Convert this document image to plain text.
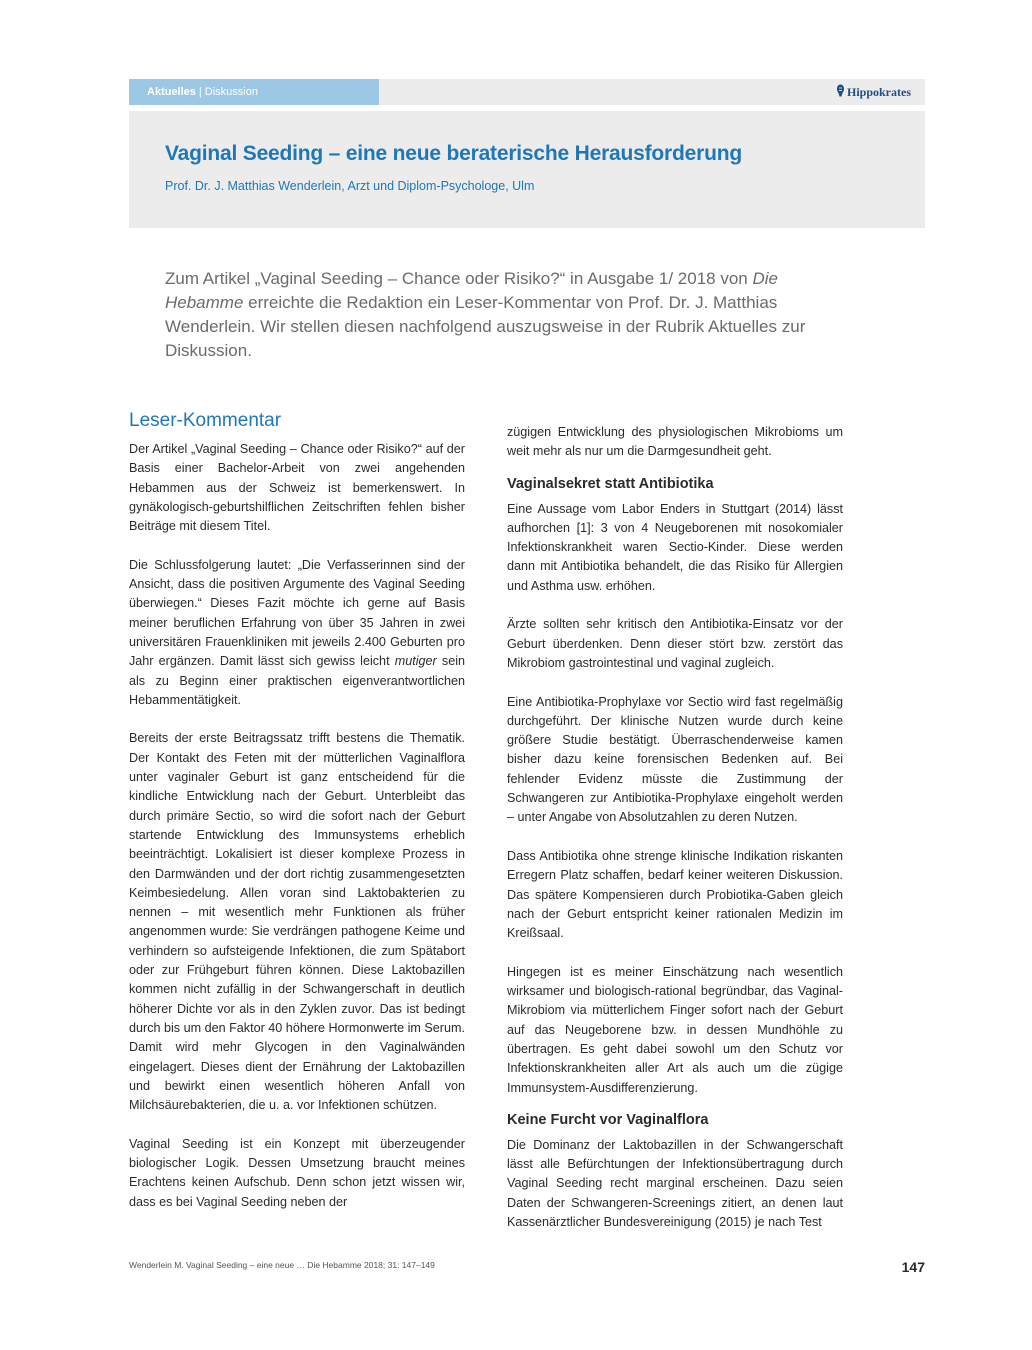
Aktuelles | Diskussion	Hippokrates
Vaginal Seeding – eine neue beraterische Herausforderung

Prof. Dr. J. Matthias Wenderlein, Arzt und Diplom-Psychologe, Ulm

Zum Artikel „Vaginal Seeding – Chance oder Risiko?“ in Ausgabe 1/ 2018 von Die Hebamme erreichte die Redaktion ein Leser-Kommentar von Prof. Dr. J. Matthias Wenderlein. Wir stellen diesen nachfolgend auszugsweise in der Rubrik Aktuelles zur Diskussion.

Leser-Kommentar

Der Artikel „Vaginal Seeding – Chance oder Risiko?“ auf der Basis einer Bachelor-Arbeit von zwei angehenden Hebammen aus der Schweiz ist bemerkenswert. In gynäkologisch-geburtshilflichen Zeitschriften fehlen bisher Beiträge mit diesem Titel.

Die Schlussfolgerung lautet: „Die Verfasserinnen sind der Ansicht, dass die positiven Argumente des Vaginal Seeding überwiegen.“ Dieses Fazit möchte ich gerne auf Basis meiner beruflichen Erfahrung von über 35 Jahren in zwei universitären Frauenkliniken mit jeweils 2.400 Geburten pro Jahr ergänzen. Damit lässt sich gewiss leicht mutiger sein als zu Beginn einer praktischen eigenverantwortlichen Hebammentätigkeit.

Bereits der erste Beitragssatz trifft bestens die Thematik. Der Kontakt des Feten mit der mütterlichen Vaginalflora unter vaginaler Geburt ist ganz entscheidend für die kindliche Entwicklung nach der Geburt. Unterbleibt das durch primäre Sectio, so wird die sofort nach der Geburt startende Entwicklung des Immunsystems erheblich beeinträchtigt. Lokalisiert ist dieser komplexe Prozess in den Darmwänden und der dort richtig zusammengesetzten Keimbesiedelung. Allen voran sind Laktobakterien zu nennen – mit wesentlich mehr Funktionen als früher angenommen wurde: Sie verdrängen pathogene Keime und verhindern so aufsteigende Infektionen, die zum Spätabort oder zur Frühgeburt führen können. Diese Laktobazillen kommen nicht zufällig in der Schwangerschaft in deutlich höherer Dichte vor als in den Zyklen zuvor. Das ist bedingt durch bis um den Faktor 40 höhere Hormonwerte im Serum. Damit wird mehr Glycogen in den Vaginalwänden eingelagert. Dieses dient der Ernährung der Laktobazillen und bewirkt einen wesentlich höheren Anfall von Milchsäurebakterien, die u. a. vor Infektionen schützen.

Vaginal Seeding ist ein Konzept mit überzeugender biologischer Logik. Dessen Umsetzung braucht meines Erachtens keinen Aufschub. Denn schon jetzt wissen wir, dass es bei Vaginal Seeding neben der

zügigen Entwicklung des physiologischen Mikrobioms um weit mehr als nur um die Darmgesundheit geht.

Vaginalsekret statt Antibiotika

Eine Aussage vom Labor Enders in Stuttgart (2014) lässt aufhorchen [1]: 3 von 4 Neugeborenen mit nosokomialer Infektionskrankheit waren Sectio-Kinder. Diese werden dann mit Antibiotika behandelt, die das Risiko für Allergien und Asthma usw. erhöhen.

Ärzte sollten sehr kritisch den Antibiotika-Einsatz vor der Geburt überdenken. Denn dieser stört bzw. zerstört das Mikrobiom gastrointestinal und vaginal zugleich.

Eine Antibiotika-Prophylaxe vor Sectio wird fast regelmäßig durchgeführt. Der klinische Nutzen wurde durch keine größere Studie bestätigt. Überraschenderweise kamen bisher dazu keine forensischen Bedenken auf. Bei fehlender Evidenz müsste die Zustimmung der Schwangeren zur Antibiotika-Prophylaxe eingeholt werden – unter Angabe von Absolutzahlen zu deren Nutzen.

Dass Antibiotika ohne strenge klinische Indikation riskanten Erregern Platz schaffen, bedarf keiner weiteren Diskussion. Das spätere Kompensieren durch Probiotika-Gaben gleich nach der Geburt entspricht keiner rationalen Medizin im Kreißsaal.

Hingegen ist es meiner Einschätzung nach wesentlich wirksamer und biologisch-rational begründbar, das Vaginal-Mikrobiom via mütterlichem Finger sofort nach der Geburt auf das Neugeborene bzw. in dessen Mundhöhle zu übertragen. Es geht dabei sowohl um den Schutz vor Infektionskrankheiten aller Art als auch um die zügige Immunsystem-Ausdifferenzierung.

Keine Furcht vor Vaginalflora

Die Dominanz der Laktobazillen in der Schwangerschaft lässt alle Befürchtungen der Infektionsübertragung durch Vaginal Seeding recht marginal erscheinen. Dazu seien Daten der Schwangeren-Screenings zitiert, an denen laut Kassenärztlicher Bundesvereinigung (2015) je nach Test

Wenderlein M. Vaginal Seeding – eine neue … Die Hebamme 2018; 31: 147–149	147
